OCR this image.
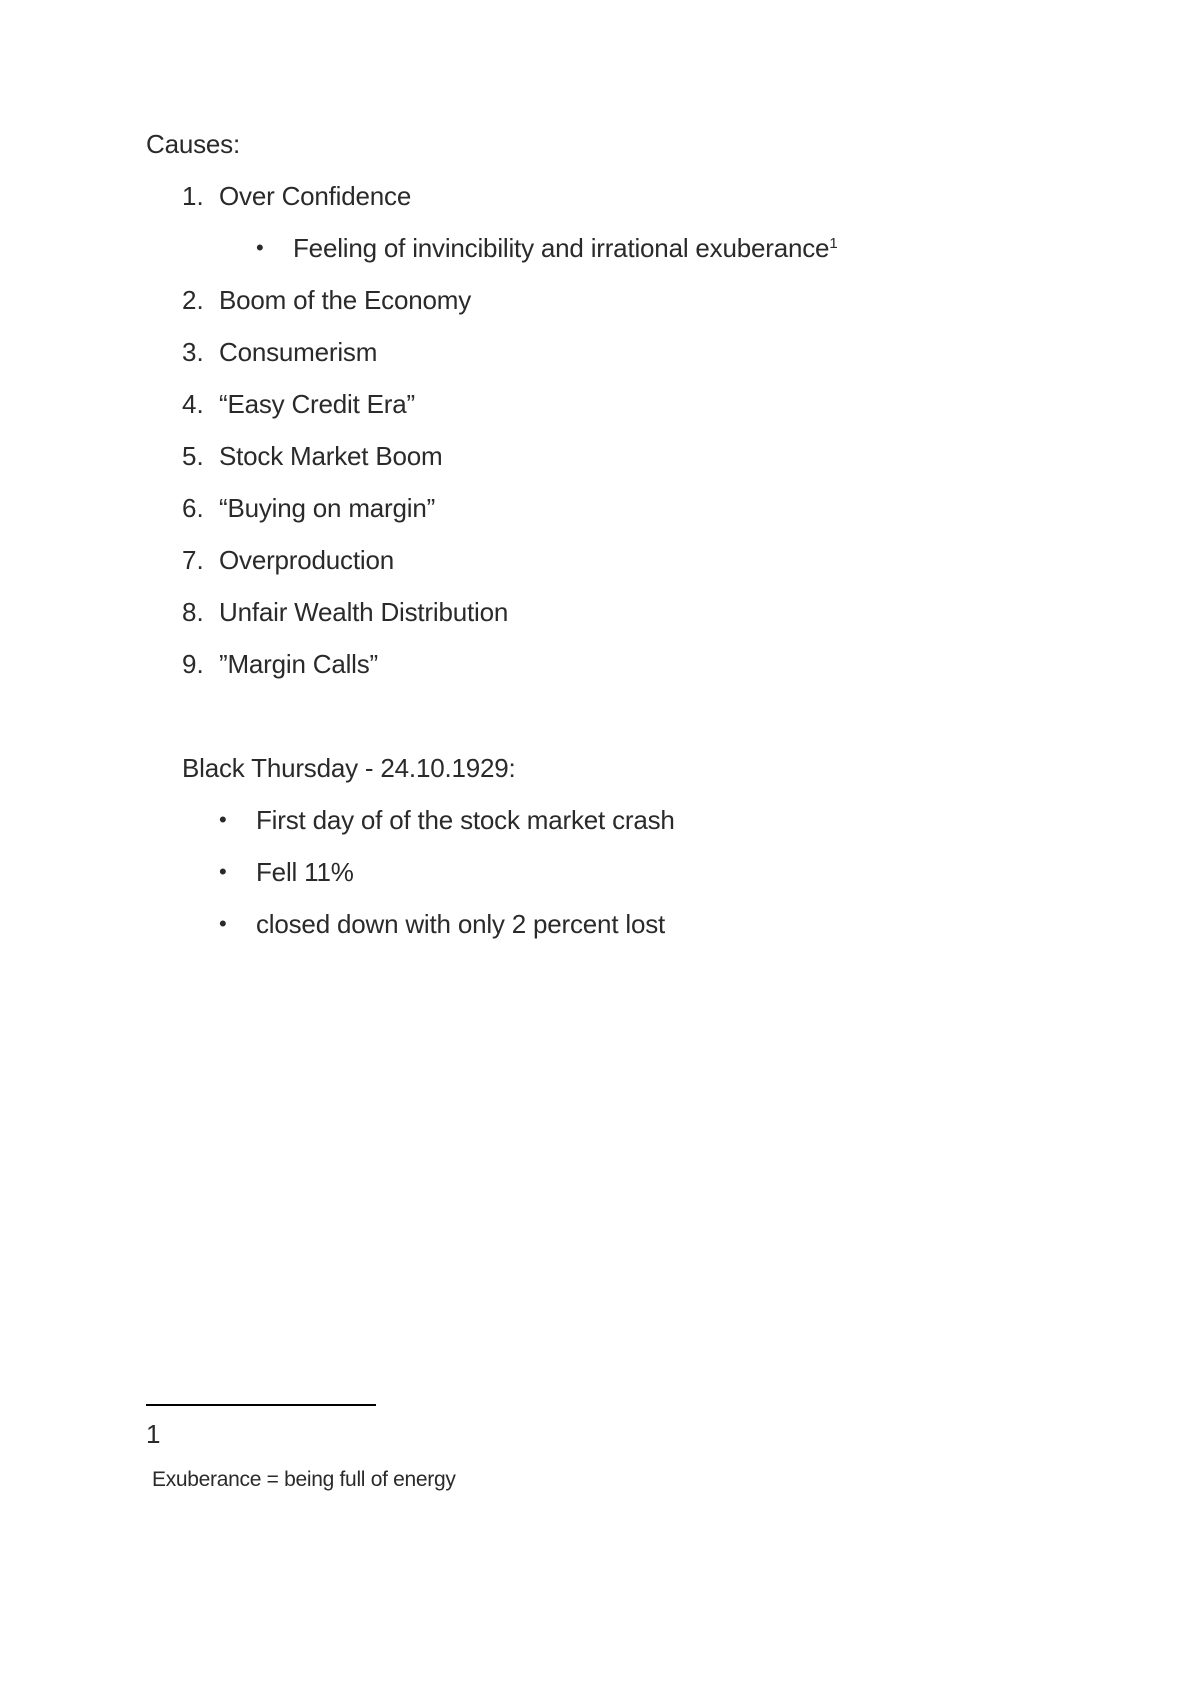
Causes:
1. Over Confidence
• Feeling of invincibility and irrational exuberance$^1$
2. Boom of the Economy
3. Consumerism
4. “Easy Credit Era”
5. Stock Market Boom
6. “Buying on margin”
7. Overproduction
8. Unfair Wealth Distribution
9. ”Margin Calls”
Black Thursday - 24.10.1929:
• First day of of the stock market crash
• Fell 11%
• closed down with only 2 percent lost
1
Exuberance = being full of energy
